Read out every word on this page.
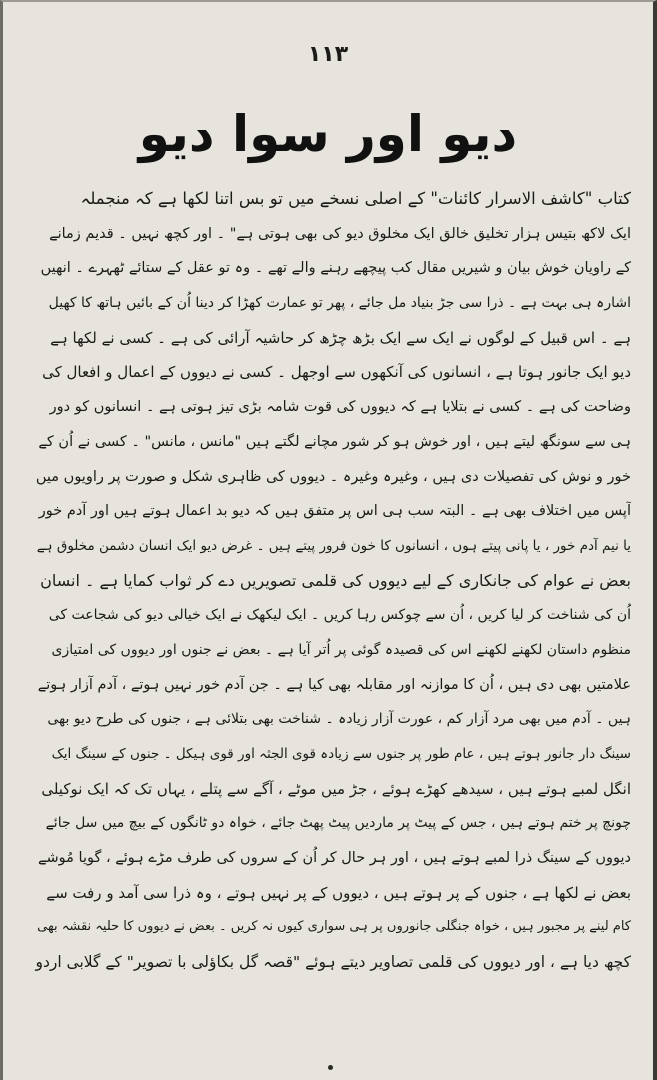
۱۱۳
دیو اور سوا دیو
کتاب "کاشف الاسرار کائنات" کے اصلی نسخے میں تو بس اتنا لکھا ہے کہ منجملہ
ایک لاکھ بتیس ہزار تخلیق خالق ایک مخلوق دیو کی بھی ہوتی ہے" ۔ اور کچھ نہیں ۔ قدیم زمانے
کے راویان خوش بیان و شیریں مقال کب پیچھے رہنے والے تھے ۔ وہ تو عقل کے ستائے ٹھہرے ۔ انھیں
اشارہ ہی بہت ہے ۔ ذرا سی جڑ بنیاد مل جائے ، پھر تو عمارت کھڑا کر دینا اُن کے بائیں ہاتھ کا کھیل
ہے ۔ اس قبیل کے لوگوں نے ایک سے ایک بڑھ چڑھ کر حاشیہ آرائی کی ہے ۔ کسی نے لکھا ہے
دیو ایک جانور ہوتا ہے ، انسانوں کی آنکھوں سے اوجھل ۔ کسی نے دیووں کے اعمال و افعال کی
وضاحت کی ہے ۔ کسی نے بتلایا ہے کہ دیووں کی قوت شامہ بڑی تیز ہوتی ہے ۔ انسانوں کو دور
ہی سے سونگھ لیتے ہیں ، اور خوش ہو کر شور مچانے لگتے ہیں "مانس ، مانس" ۔ کسی نے اُن کے
خور و نوش کی تفصیلات دی ہیں ، وغیرہ وغیرہ ۔ دیووں کی ظاہری شکل و صورت پر راویوں میں
آپس میں اختلاف بھی ہے ۔ البتہ سب ہی اس پر متفق ہیں کہ دیو بد اعمال ہوتے ہیں اور آدم خور
یا نیم آدم خور ، یا پانی پیتے ہوں ، انسانوں کا خون فرور پیتے ہیں ۔ غرض دیو ایک انسان دشمن مخلوق ہے
بعض نے عوام کی جانکاری کے لیے دیووں کی قلمی تصویریں دے کر ثواب کمایا ہے ۔ انسان
اُن کی شناخت کر لیا کریں ، اُن سے چوکس رہا کریں ۔ ایک لیکھک نے ایک خیالی دیو کی شجاعت کی
منظوم داستان لکھنے لکھنے اس کی قصیدہ گوئی پر اُتر آیا ہے ۔ بعض نے جنوں اور دیووں کی امتیازی
علامتیں بھی دی ہیں ، اُن کا موازنہ اور مقابلہ بھی کیا ہے ۔ جن آدم خور نہیں ہوتے ، آدم آزار ہوتے
ہیں ۔ آدم میں بھی مرد آزار کم ، عورت آزار زیادہ ۔ شناخت بھی بتلائی ہے ، جنوں کی طرح دیو بھی
سینگ دار جانور ہوتے ہیں ، عام طور پر جنوں سے زیادہ قوی الجثہ اور قوی ہیکل ۔ جنوں کے سینگ ایک
انگل لمبے ہوتے ہیں ، سیدھے کھڑے ہوئے ، جڑ میں موٹے ، آگے سے پتلے ، یہاں تک کہ ایک نوکیلی
چونچ پر ختم ہوتے ہیں ، جس کے پیٹ پر ماردیں پیٹ پھٹ جائے ، خواہ دو ٹانگوں کے بیچ میں سل جائے
دیووں کے سینگ ذرا لمبے ہوتے ہیں ، اور ہر حال کر اُن کے سروں کی طرف مڑے ہوئے ، گویا مُوشے
بعض نے لکھا ہے ، جنوں کے پر ہوتے ہیں ، دیووں کے پر نہیں ہوتے ، وہ ذرا سی آمد و رفت سے
کام لینے پر مجبور ہیں ، خواہ جنگلی جانوروں پر ہی سواری کیوں نہ کریں ۔ بعض نے دیووں کا حلیہ نقشہ بھی
کچھ دیا ہے ، اور دیووں کی قلمی تصاویر دیتے ہوئے "قصہ گل بکاؤلی با تصویر" کے گلابی اردو
